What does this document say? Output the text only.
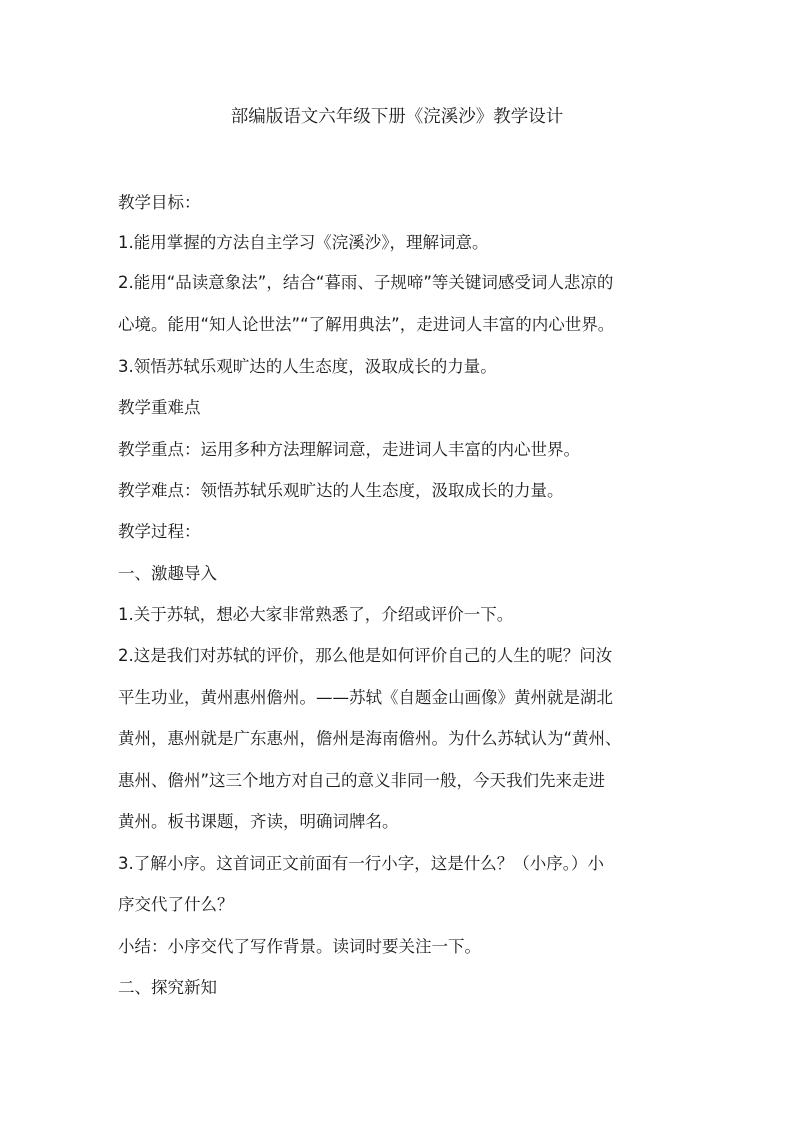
部编版语文六年级下册《浣溪沙》教学设计
教学目标：
1.能用掌握的方法自主学习《浣溪沙》，理解词意。
2.能用“品读意象法”，结合“暮雨、子规啼”等关键词感受词人悲凉的
心境。能用“知人论世法”“了解用典法”，走进词人丰富的内心世界。
3.领悟苏轼乐观旷达的人生态度，汲取成长的力量。
教学重难点
教学重点：运用多种方法理解词意，走进词人丰富的内心世界。
教学难点：领悟苏轼乐观旷达的人生态度，汲取成长的力量。
教学过程：
一、激趣导入
1.关于苏轼，想必大家非常熟悉了，介绍或评价一下。
2.这是我们对苏轼的评价，那么他是如何评价自己的人生的呢？问汝
平生功业，黄州惠州儋州。——苏轼《自题金山画像》黄州就是湖北
黄州，惠州就是广东惠州，儋州是海南儋州。为什么苏轼认为“黄州、
惠州、儋州”这三个地方对自己的意义非同一般，今天我们先来走进
黄州。板书课题，齐读，明确词牌名。
3.了解小序。这首词正文前面有一行小字，这是什么？（小序。）小
序交代了什么？
小结：小序交代了写作背景。读词时要关注一下。
二、探究新知
